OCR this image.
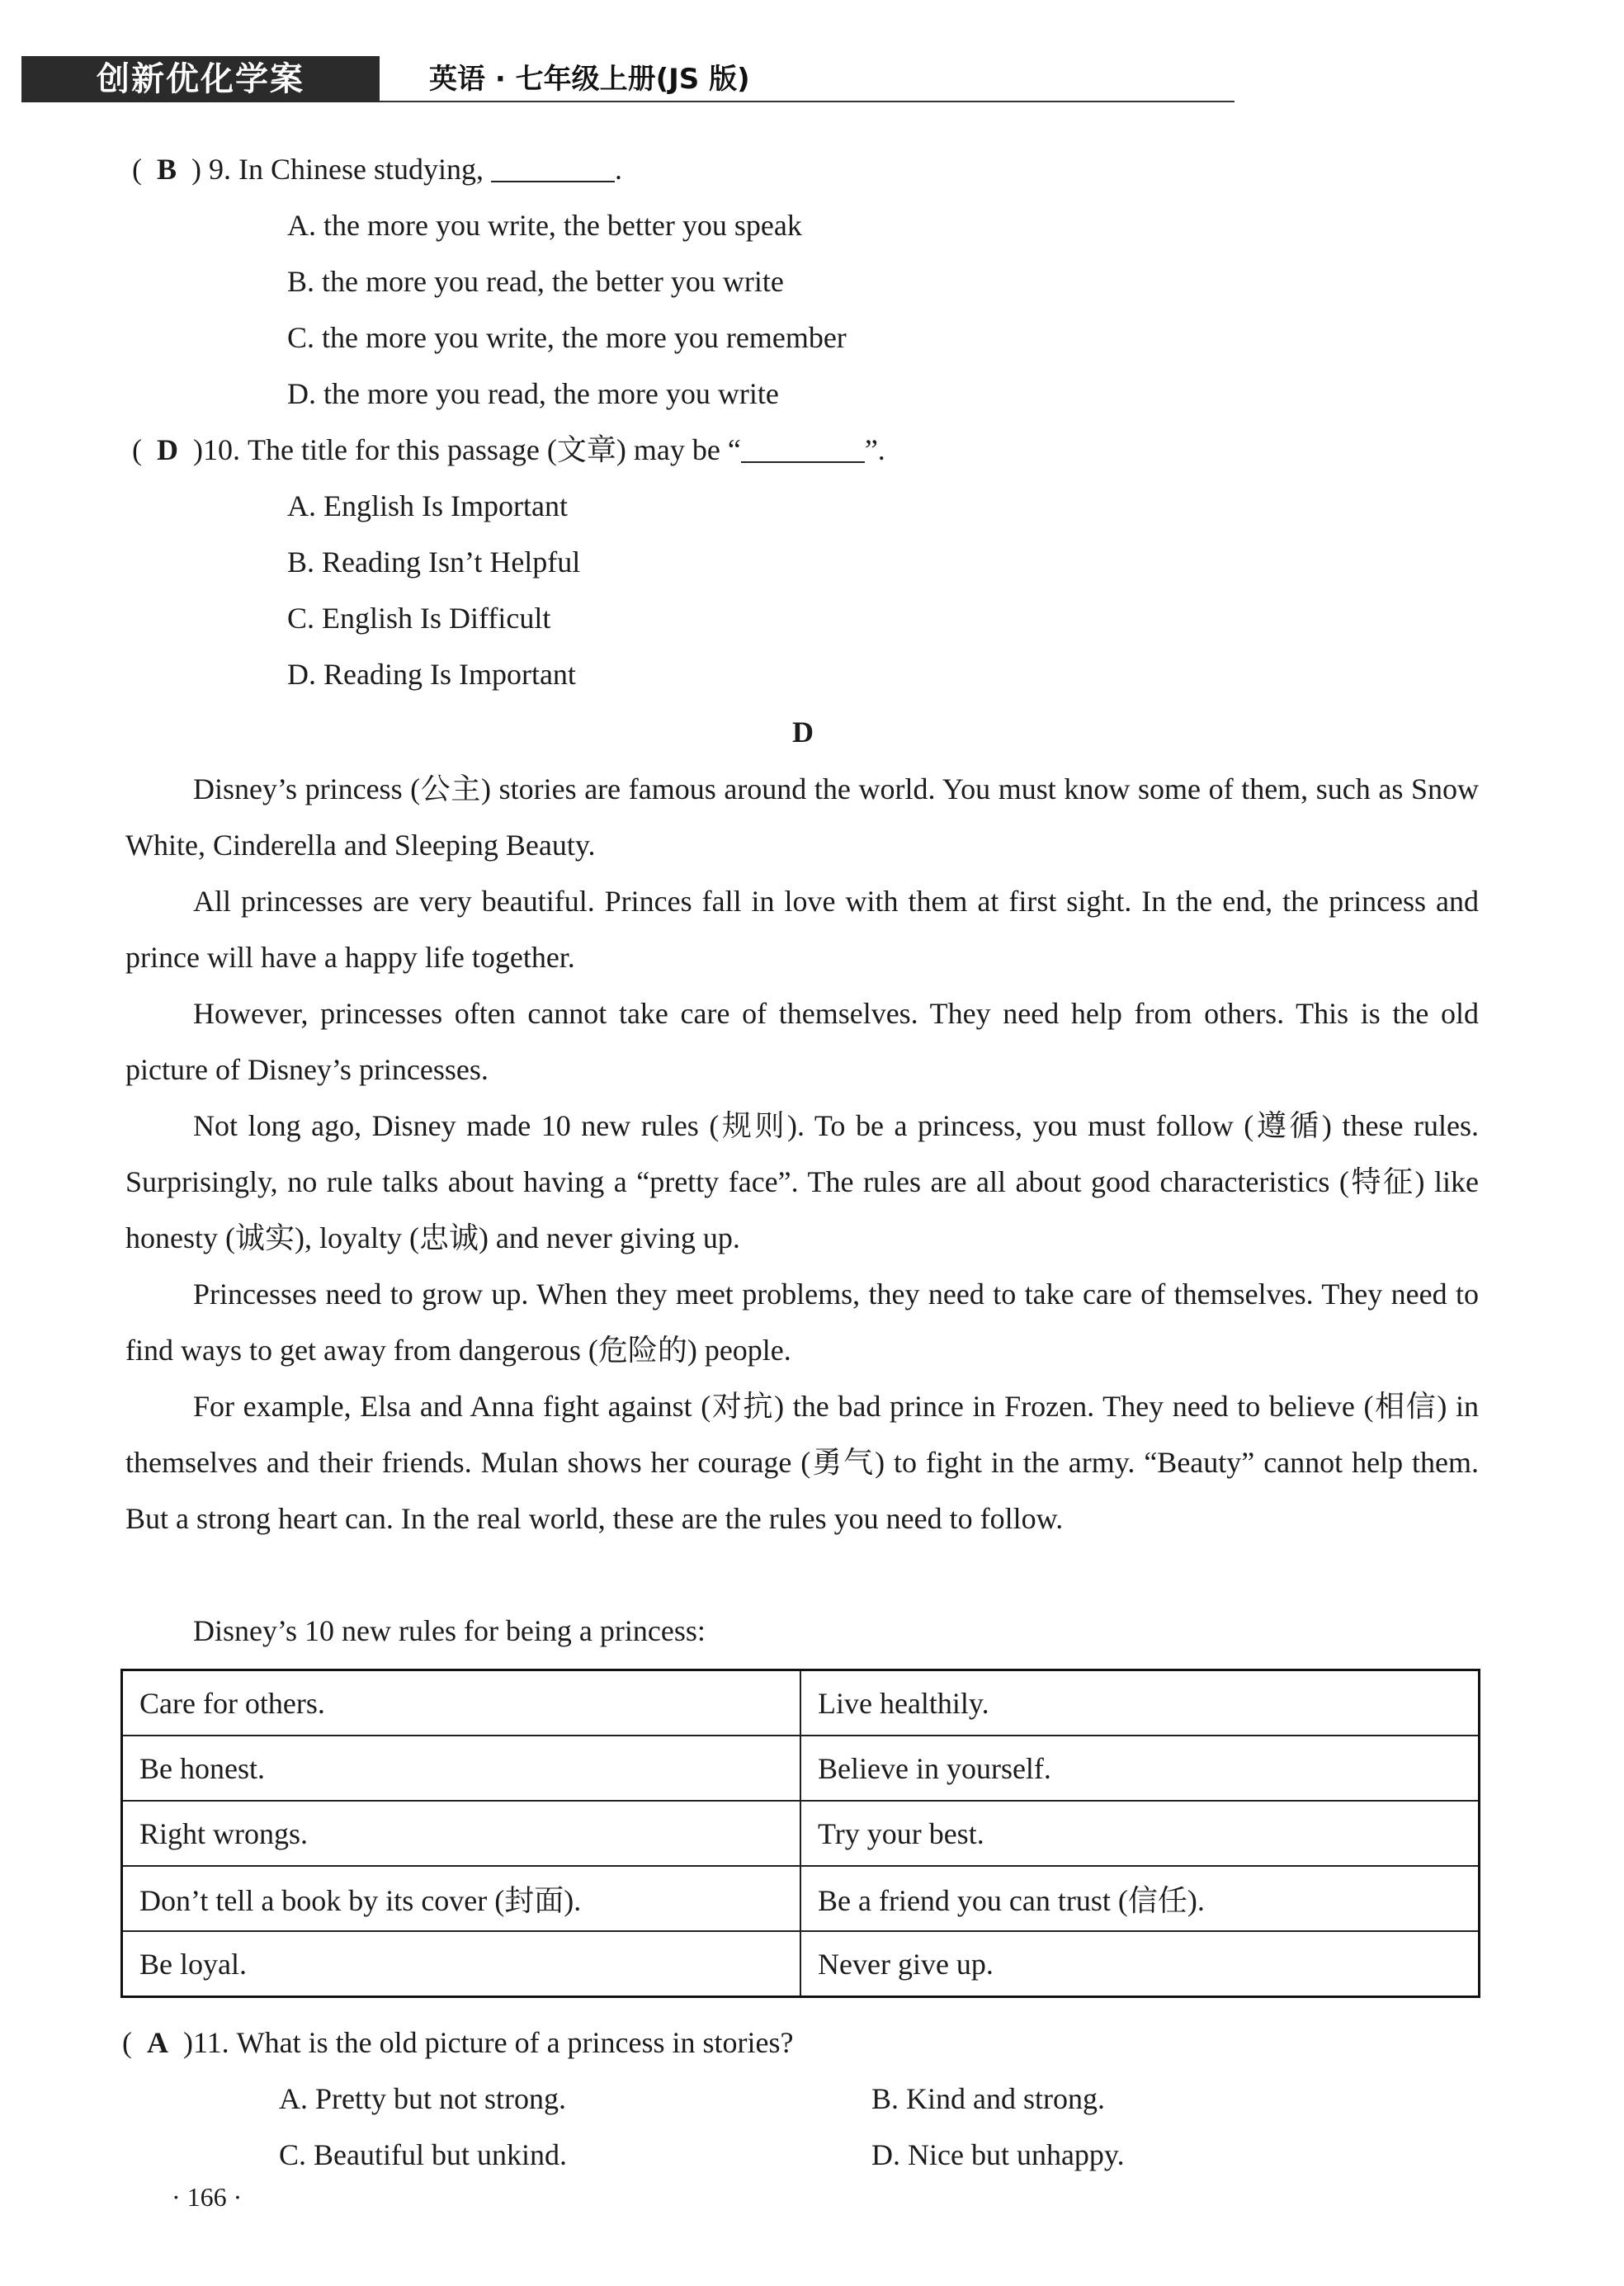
创新优化学案	英语 · 七年级上册(JS 版)
(  B  ) 9. In Chinese studying,	.
A. the more you write, the better you speak
B. the more you read, the better you write
C. the more you write, the more you remember
D. the more you read, the more you write
(  D  )10. The title for this passage (文章) may be “	”.
A. English Is Important
B. Reading Isn’t Helpful
C. English Is Difficult
D. Reading Is Important
D
Disney’s princess (公主) stories are famous around the world. You must know some of them, such as Snow White, Cinderella and Sleeping Beauty.
All princesses are very beautiful. Princes fall in love with them at first sight. In the end, the princess and prince will have a happy life together.
However, princesses often cannot take care of themselves. They need help from others. This is the old picture of Disney’s princesses.
Not long ago, Disney made 10 new rules (规则). To be a princess, you must follow (遵循) these rules. Surprisingly, no rule talks about having a “pretty face”. The rules are all about good characteristics (特征) like honesty (诚实), loyalty (忠诚) and never giving up.
Princesses need to grow up. When they meet problems, they need to take care of themselves. They need to find ways to get away from dangerous (危险的) people.
For example, Elsa and Anna fight against (对抗) the bad prince in Frozen. They need to believe (相信) in themselves and their friends. Mulan shows her courage (勇气) to fight in the army. “Beauty” cannot help them. But a strong heart can. In the real world, these are the rules you need to follow.
Disney’s 10 new rules for being a princess:
Care for others.	Live healthily.
Be honest.	Believe in yourself.
Right wrongs.	Try your best.
Don’t tell a book by its cover (封面).	Be a friend you can trust (信任).
Be loyal.	Never give up.
(  A  )11. What is the old picture of a princess in stories?
A. Pretty but not strong.	B. Kind and strong.
C. Beautiful but unkind.	D. Nice but unhappy.
· 166 ·
